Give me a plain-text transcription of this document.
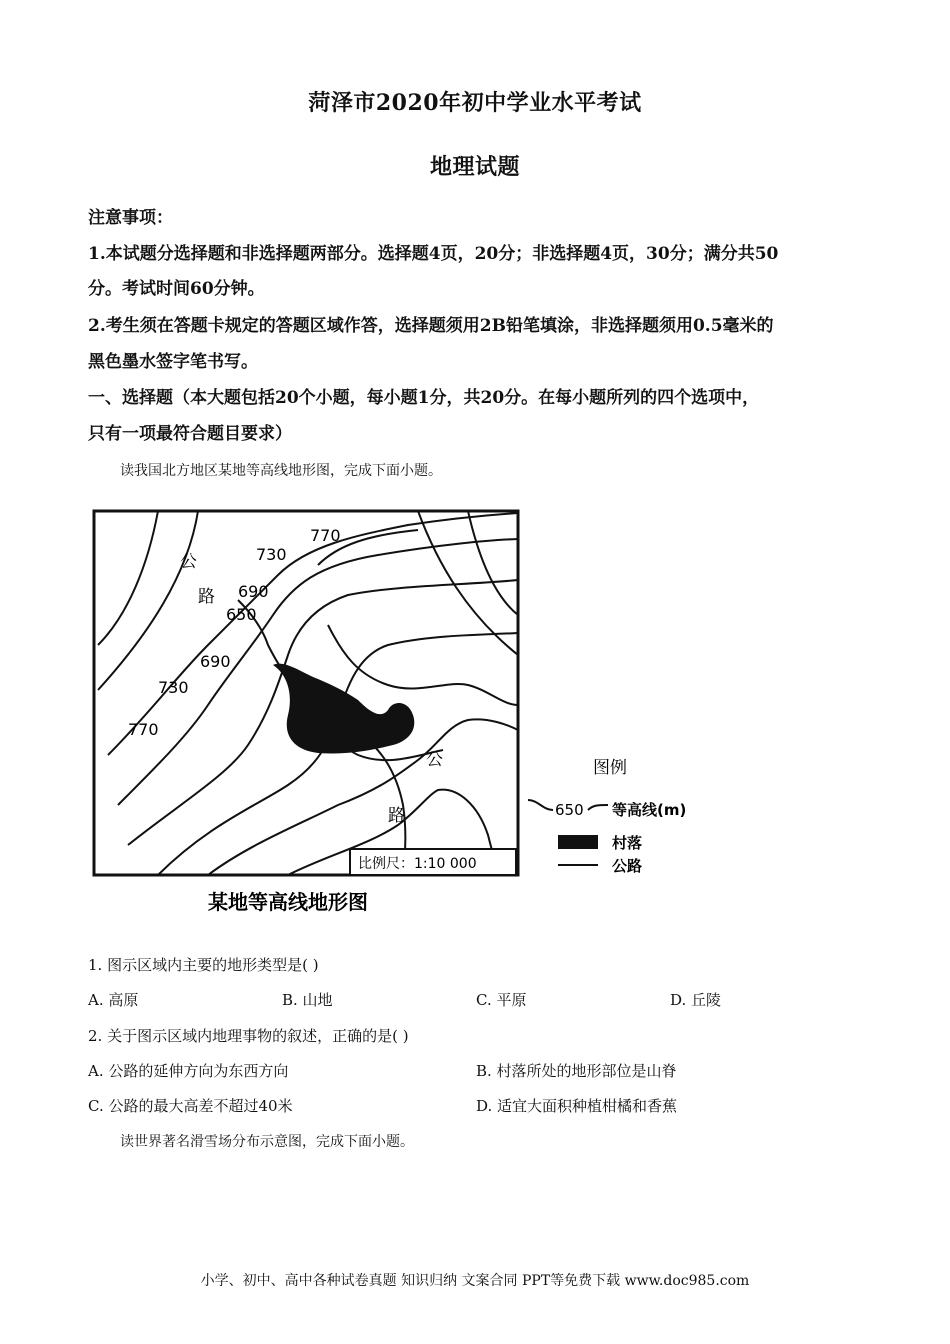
菏泽市2020年初中学业水平考试
地理试题
注意事项：
1.本试题分选择题和非选择题两部分。选择题4页，20分；非选择题4页，30分；满分共50
分。考试时间60分钟。
2.考生须在答题卡规定的答题区域作答，选择题须用2B铅笔填涂，非选择题须用0.5毫米的
黑色墨水签字笔书写。
一、选择题（本大题包括20个小题，每小题1分，共20分。在每小题所列的四个选项中，
只有一项最符合题目要求）
读我国北方地区某地等高线地形图，完成下面小题。
770
730
690
650
690
730
770
公
路
公
路
比例尺：1:10 000
图例
650 等高线(m)
村落
公路
某地等高线地形图
1. 图示区域内主要的地形类型是( )
A. 高原	B. 山地	C. 平原	D. 丘陵
2. 关于图示区域内地理事物的叙述，正确的是( )
A. 公路的延伸方向为东西方向	B. 村落所处的地形部位是山脊
C. 公路的最大高差不超过40米	D. 适宜大面积种植柑橘和香蕉
读世界著名滑雪场分布示意图，完成下面小题。
小学、初中、高中各种试卷真题 知识归纳 文案合同 PPT等免费下载 www.doc985.com
